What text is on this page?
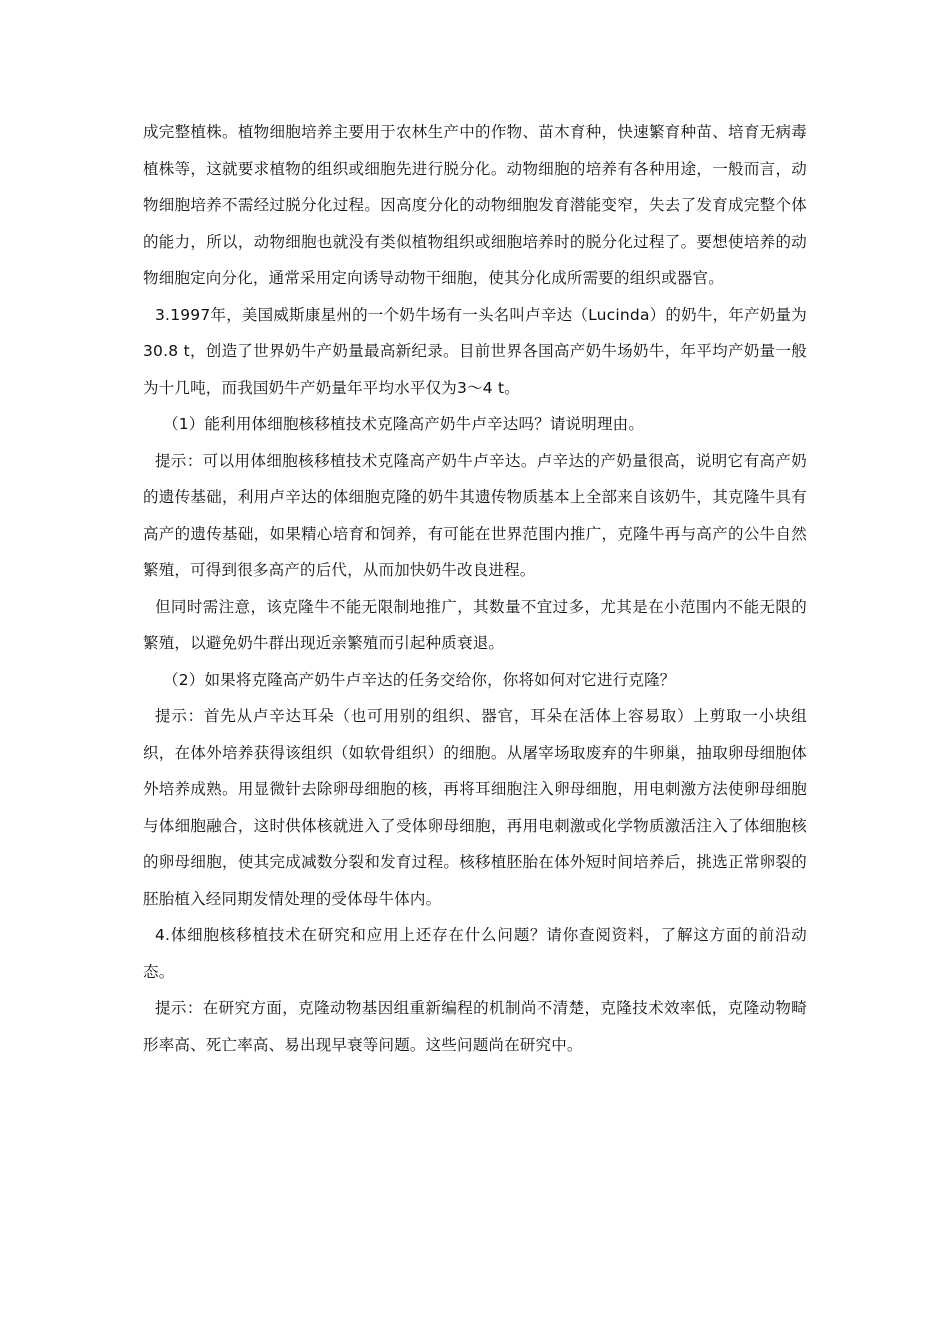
成完整植株。植物细胞培养主要用于农林生产中的作物、苗木育种，快速繁育种苗、培育无病毒植株等，这就要求植物的组织或细胞先进行脱分化。动物细胞的培养有各种用途，一般而言，动物细胞培养不需经过脱分化过程。因高度分化的动物细胞发育潜能变窄，失去了发育成完整个体的能力，所以，动物细胞也就没有类似植物组织或细胞培养时的脱分化过程了。要想使培养的动物细胞定向分化，通常采用定向诱导动物干细胞，使其分化成所需要的组织或器官。

3.1997年，美国威斯康星州的一个奶牛场有一头名叫卢辛达（Lucinda）的奶牛，年产奶量为30.8 t，创造了世界奶牛产奶量最高新纪录。目前世界各国高产奶牛场奶牛，年平均产奶量一般为十几吨，而我国奶牛产奶量年平均水平仅为3～4 t。

（1）能利用体细胞核移植技术克隆高产奶牛卢辛达吗？请说明理由。

提示：可以用体细胞核移植技术克隆高产奶牛卢辛达。卢辛达的产奶量很高，说明它有高产奶的遗传基础，利用卢辛达的体细胞克隆的奶牛其遗传物质基本上全部来自该奶牛，其克隆牛具有高产的遗传基础，如果精心培育和饲养，有可能在世界范围内推广，克隆牛再与高产的公牛自然繁殖，可得到很多高产的后代，从而加快奶牛改良进程。

但同时需注意，该克隆牛不能无限制地推广，其数量不宜过多，尤其是在小范围内不能无限的繁殖，以避免奶牛群出现近亲繁殖而引起种质衰退。

（2）如果将克隆高产奶牛卢辛达的任务交给你，你将如何对它进行克隆？

提示：首先从卢辛达耳朵（也可用别的组织、器官，耳朵在活体上容易取）上剪取一小块组织，在体外培养获得该组织（如软骨组织）的细胞。从屠宰场取废弃的牛卵巢，抽取卵母细胞体外培养成熟。用显微针去除卵母细胞的核，再将耳细胞注入卵母细胞，用电刺激方法使卵母细胞与体细胞融合，这时供体核就进入了受体卵母细胞，再用电刺激或化学物质激活注入了体细胞核的卵母细胞，使其完成减数分裂和发育过程。核移植胚胎在体外短时间培养后，挑选正常卵裂的胚胎植入经同期发情处理的受体母牛体内。

4.体细胞核移植技术在研究和应用上还存在什么问题？请你查阅资料，了解这方面的前沿动态。

提示：在研究方面，克隆动物基因组重新编程的机制尚不清楚，克隆技术效率低，克隆动物畸形率高、死亡率高、易出现早衰等问题。这些问题尚在研究中。
